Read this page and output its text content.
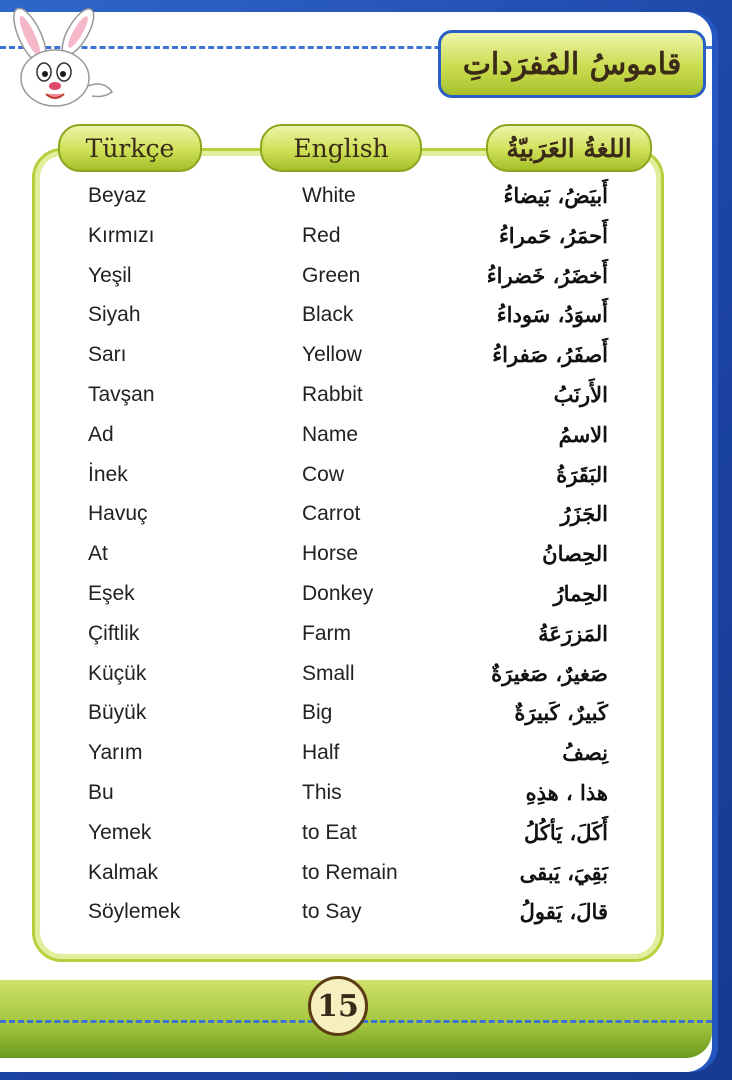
قاموسُ المُفرَداتِ
Türkçe	English	اللغةُ العَرَبيّةُ
Beyaz	White	أَبيَضُ، بَيضاءُ
Kırmızı	Red	أَحمَرُ، حَمراءُ
Yeşil	Green	أَخضَرُ، خَضراءُ
Siyah	Black	أَسوَدُ، سَوداءُ
Sarı	Yellow	أَصفَرُ، صَفراءُ
Tavşan	Rabbit	الأَرنَبُ
Ad	Name	الاسمُ
İnek	Cow	البَقَرَةُ
Havuç	Carrot	الجَزَرُ
At	Horse	الحِصانُ
Eşek	Donkey	الحِمارُ
Çiftlik	Farm	المَزرَعَةُ
Küçük	Small	صَغيرٌ، صَغيرَةٌ
Büyük	Big	كَبيرٌ، كَبيرَةٌ
Yarım	Half	نِصفُ
Bu	This	هذا ، هذِهِ
Yemek	to Eat	أَكَلَ، يَأكُلُ
Kalmak	to Remain	بَقِيَ، يَبقى
Söylemek	to Say	قالَ، يَقولُ
15
